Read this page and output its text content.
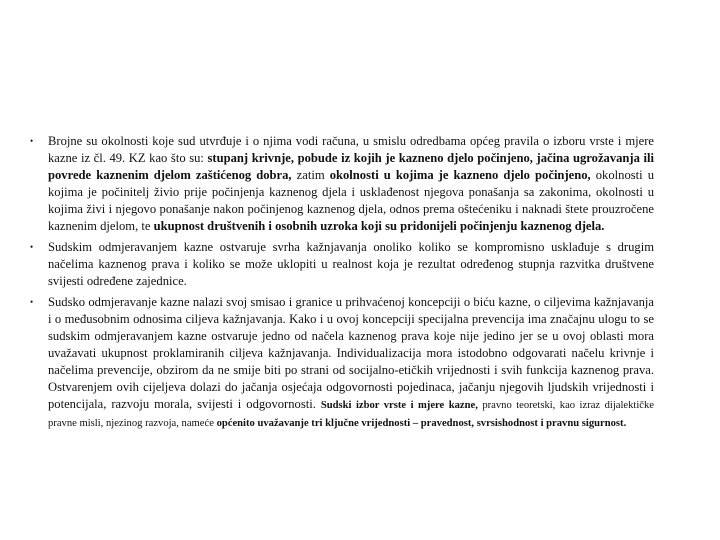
• Brojne su okolnosti koje sud utvrđuje i o njima vodi računa, u smislu odredbama općeg pravila o izboru vrste i mjere kazne iz čl. 49. KZ kao što su: stupanj krivnje, pobude iz kojih je kazneno djelo počinjeno, jačina ugrožavanja ili povrede kaznenim djelom zaštićenog dobra, zatim okolnosti u kojima je kazneno djelo počinjeno, okolnosti u kojima je počinitelj živio prije počinjenja kaznenog djela i usklađenost njegova ponašanja sa zakonima, okolnosti u kojima živi i njegovo ponašanje nakon počinjenog kaznenog djela, odnos prema oštećeniku i naknadi štete prouzročene kaznenim djelom, te ukupnost društvenih i osobnih uzroka koji su pridonijeli počinjenju kaznenog djela.
• Sudskim odmjeravanjem kazne ostvaruje svrha kažnjavanja onoliko koliko se kompromisno usklađuje s drugim načelima kaznenog prava i koliko se može uklopiti u realnost koja je rezultat određenog stupnja razvitka društvene svijesti određene zajednice.
• Sudsko odmjeravanje kazne nalazi svoj smisao i granice u prihvaćenoj koncepciji o biću kazne, o ciljevima kažnjavanja i o međusobnim odnosima ciljeva kažnjavanja. Kako i u ovoj koncepciji specijalna prevencija ima značajnu ulogu to se sudskim odmjeravanjem kazne ostvaruje jedno od načela kaznenog prava koje nije jedino jer se u ovoj oblasti mora uvažavati ukupnost proklamiranih ciljeva kažnjavanja. Individualizacija mora istodobno odgovarati načelu krivnje i načelima prevencije, obzirom da ne smije biti po strani od socijalno-etičkih vrijednosti i svih funkcija kaznenog prava. Ostvarenjem ovih cijeljeva dolazi do jačanja osjećaja odgovornosti pojedinaca, jačanju njegovih ljudskih vrijednosti i potencijala, razvoju morala, svijesti i odgovornosti. Sudski izbor vrste i mjere kazne, pravno teoretski, kao izraz dijalektičke pravne misli, njezinog razvoja, nameće općenito uvažavanje tri ključne vrijednosti – pravednost, svrsishodnost i pravnu sigurnost.
